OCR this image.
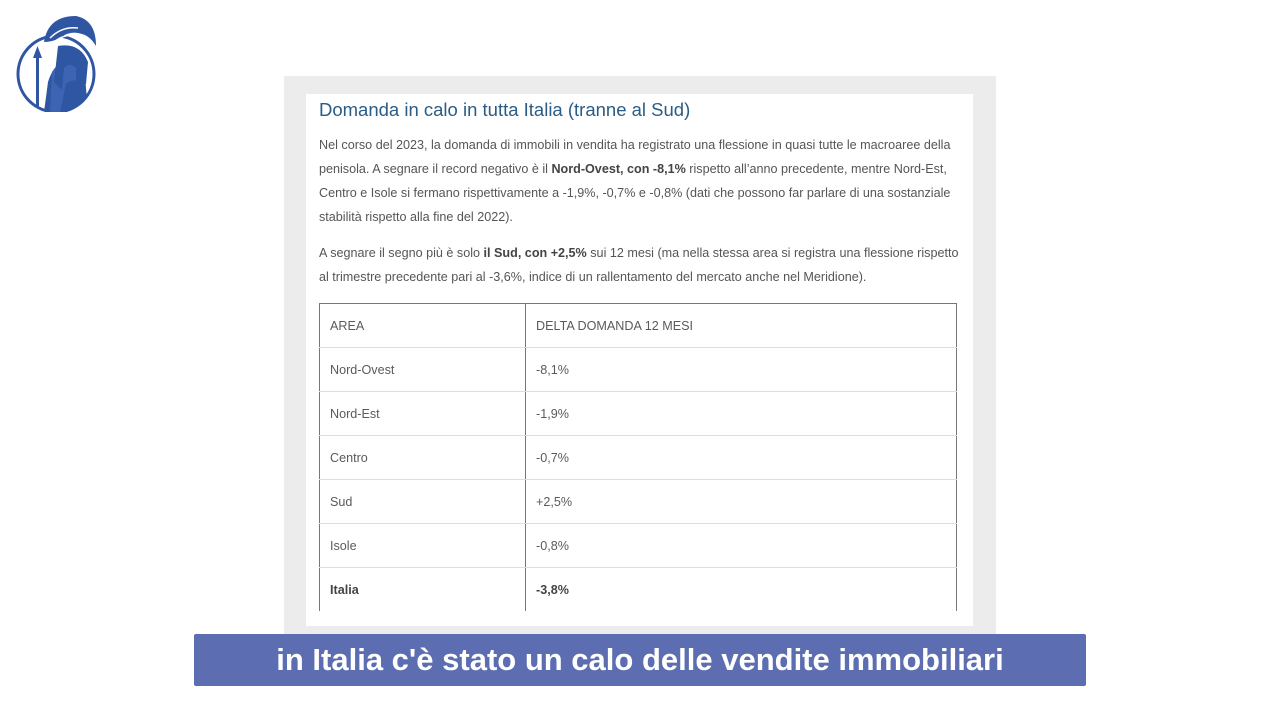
Domanda in calo in tutta Italia (tranne al Sud)

Nel corso del 2023, la domanda di immobili in vendita ha registrato una flessione in quasi tutte le macroaree della penisola. A segnare il record negativo è il Nord-Ovest, con -8,1% rispetto all’anno precedente, mentre Nord-Est, Centro e Isole si fermano rispettivamente a -1,9%, -0,7% e -0,8% (dati che possono far parlare di una sostanziale stabilità rispetto alla fine del 2022).

A segnare il segno più è solo il Sud, con +2,5% sui 12 mesi (ma nella stessa area si registra una flessione rispetto al trimestre precedente pari al -3,6%, indice di un rallentamento del mercato anche nel Meridione).

AREA	DELTA DOMANDA 12 MESI
Nord-Ovest	-8,1%
Nord-Est	-1,9%
Centro	-0,7%
Sud	+2,5%
Isole	-0,8%
Italia	-3,8%
in Italia c'è stato un calo delle vendite immobiliari
